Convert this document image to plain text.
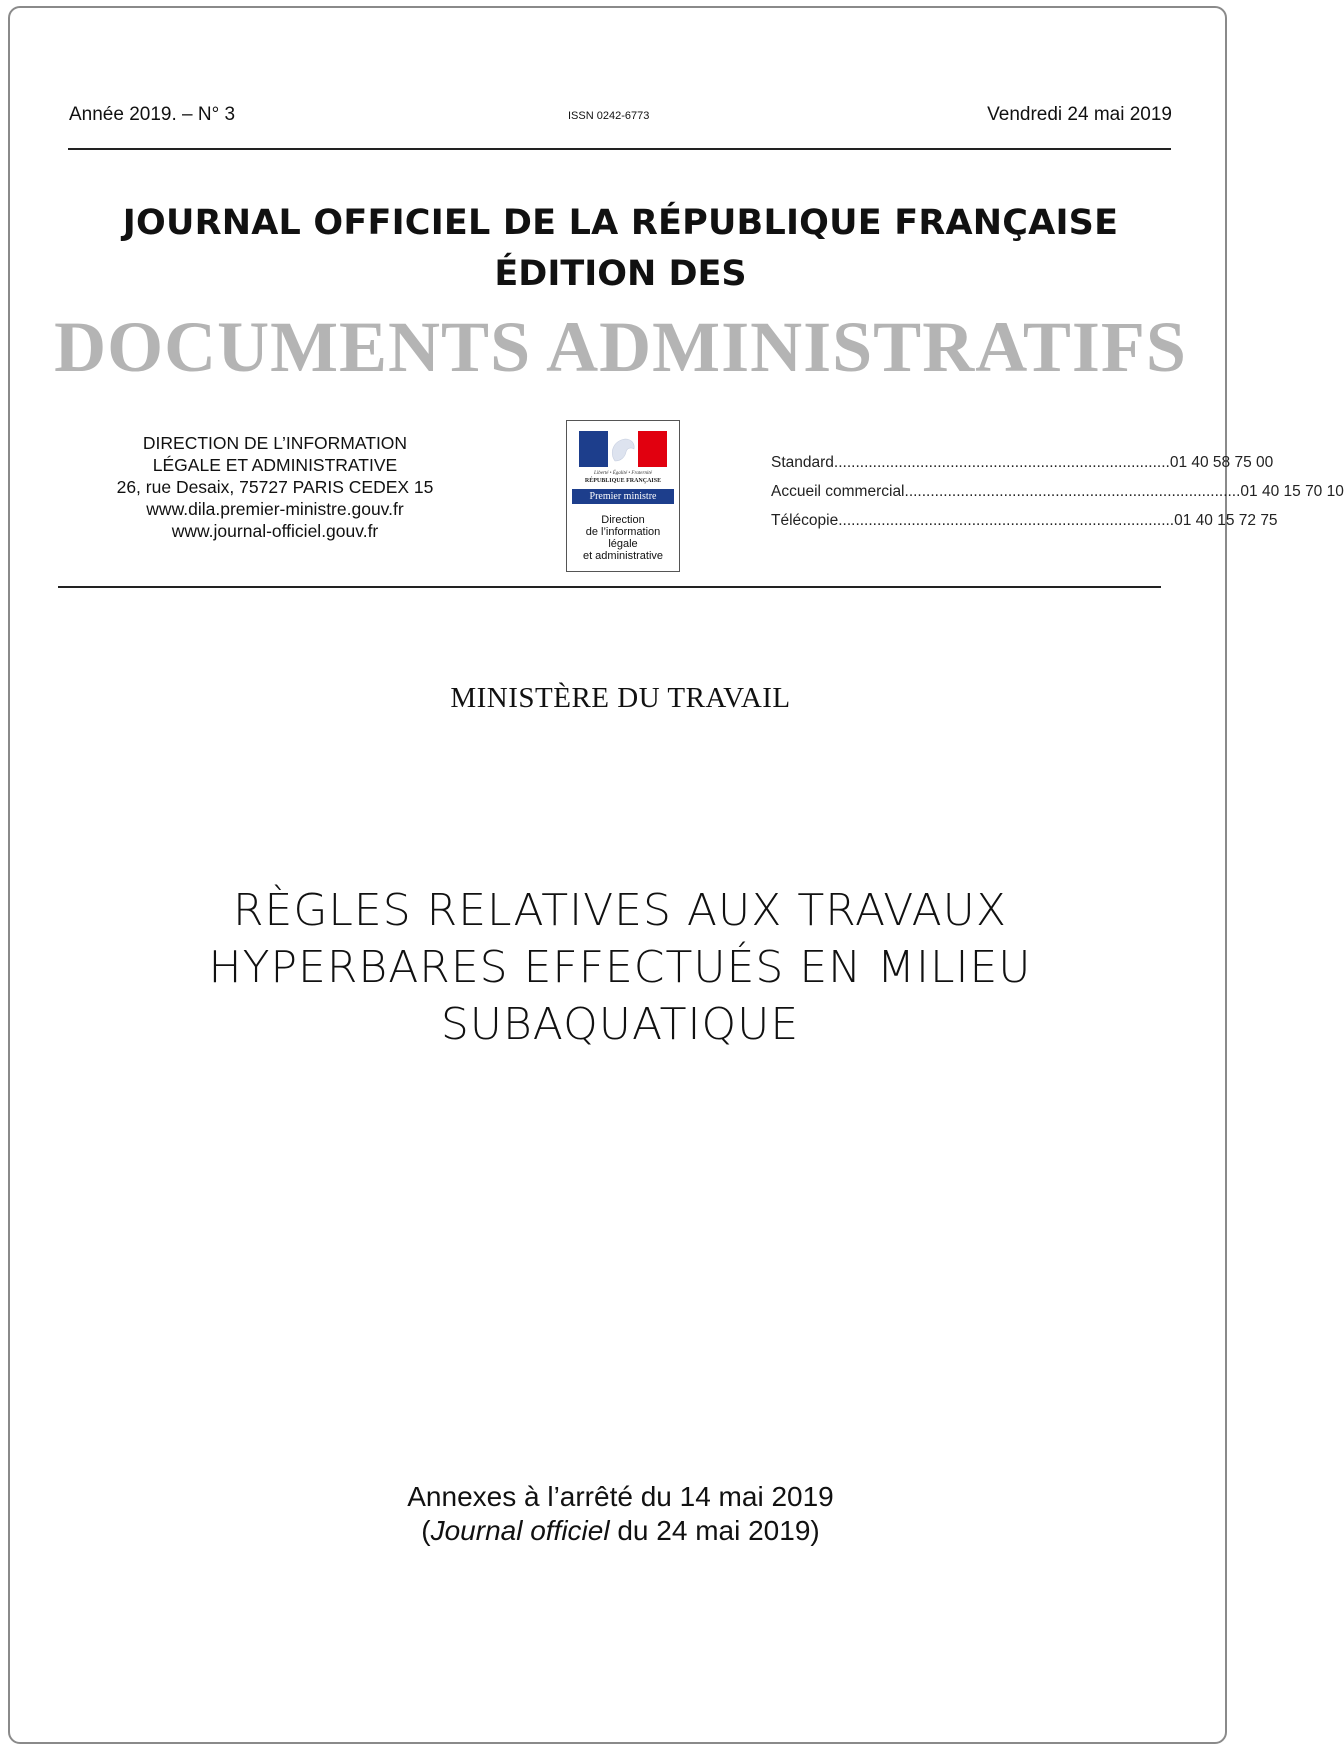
Année 2019. – N° 3	ISSN 0242-6773	Vendredi 24 mai 2019
JOURNAL OFFICIEL DE LA RÉPUBLIQUE FRANÇAISE
ÉDITION DES
DOCUMENTS ADMINISTRATIFS
DIRECTION DE L’INFORMATION
LÉGALE ET ADMINISTRATIVE
26, rue Desaix, 75727 PARIS CEDEX 15
www.dila.premier-ministre.gouv.fr
www.journal-officiel.gouv.fr
Liberté • Égalité • Fraternité
RÉPUBLIQUE FRANÇAISE
Premier ministre
Direction
de l’information
légale
et administrative
Standard .............................................................................. 01 40 58 75 00
Accueil commercial .............................................................................. 01 40 15 70 10
Télécopie .............................................................................. 01 40 15 72 75
MINISTÈRE DU TRAVAIL
RÈGLES RELATIVES AUX TRAVAUX
HYPERBARES EFFECTUÉS EN MILIEU
SUBAQUATIQUE
Annexes à l’arrêté du 14 mai 2019
(Journal officiel du 24 mai 2019)
